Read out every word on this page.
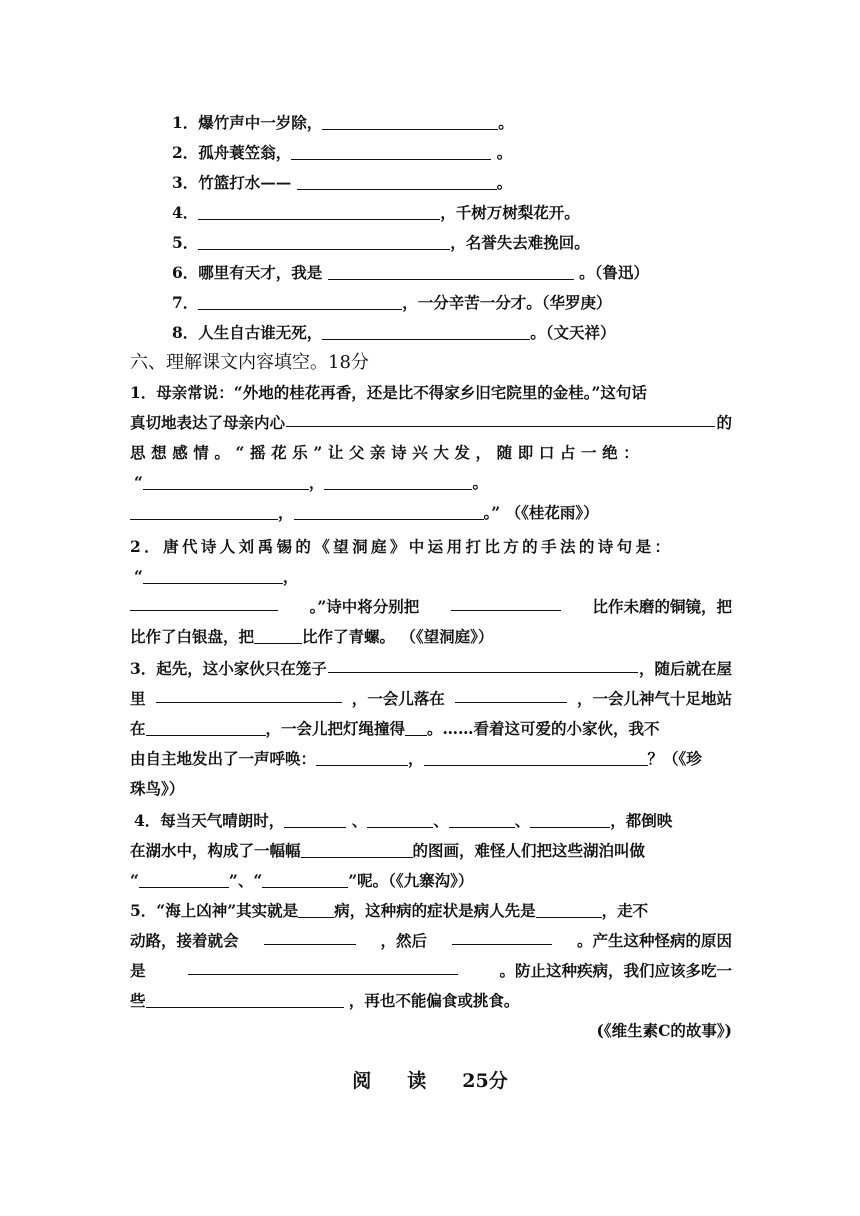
1．爆竹声中一岁除，	。
2．孤舟蓑笠翁，	。
3．竹篮打水——	。
4．	，千树万树梨花开。
5．	，名誉失去难挽回。
6．哪里有天才，我是	。（鲁迅）
7．	，一分辛苦一分才。（华罗庚）
8．人生自古谁无死，	。（文天祥）
六、理解课文内容填空。18分
1．母亲常说：“外地的桂花再香，还是比不得家乡旧宅院里的金桂。”这句话
真切地表达了母亲内心	的
思想感情。“摇花乐”让父亲诗兴大发，随即口占一绝：
“	，	。
，	。” （《桂花雨》）
2．唐代诗人刘禹锡的《望洞庭》中运用打比方的手法的诗句是：
“	，
。”诗中将分别把	比作未磨的铜镜，把
比作了白银盘，把	比作了青螺。 （《望洞庭》）
3．起先，这小家伙只在笼子	，随后就在屋
里	，一会儿落在	，一会儿神气十足地站
在	，一会儿把灯绳撞得 。……看着这可爱的小家伙，我不
由自主地发出了一声呼唤：	，	？（《珍
珠鸟》）
4．每当天气晴朗时，	、	、	、	，都倒映
在湖水中，构成了一幅幅	的图画，难怪人们把这些湖泊叫做
“	”、“	”呢。（《九寨沟》）
5．“海上凶神”其实就是 病，这种病的症状是病人先是	，走不
动路，接着就会	，然后	。产生这种怪病的原因
是	。防止这种疾病，我们应该多吃一
些	，再也不能偏食或挑食。
(《维生素C的故事》)
阅 读 25分
